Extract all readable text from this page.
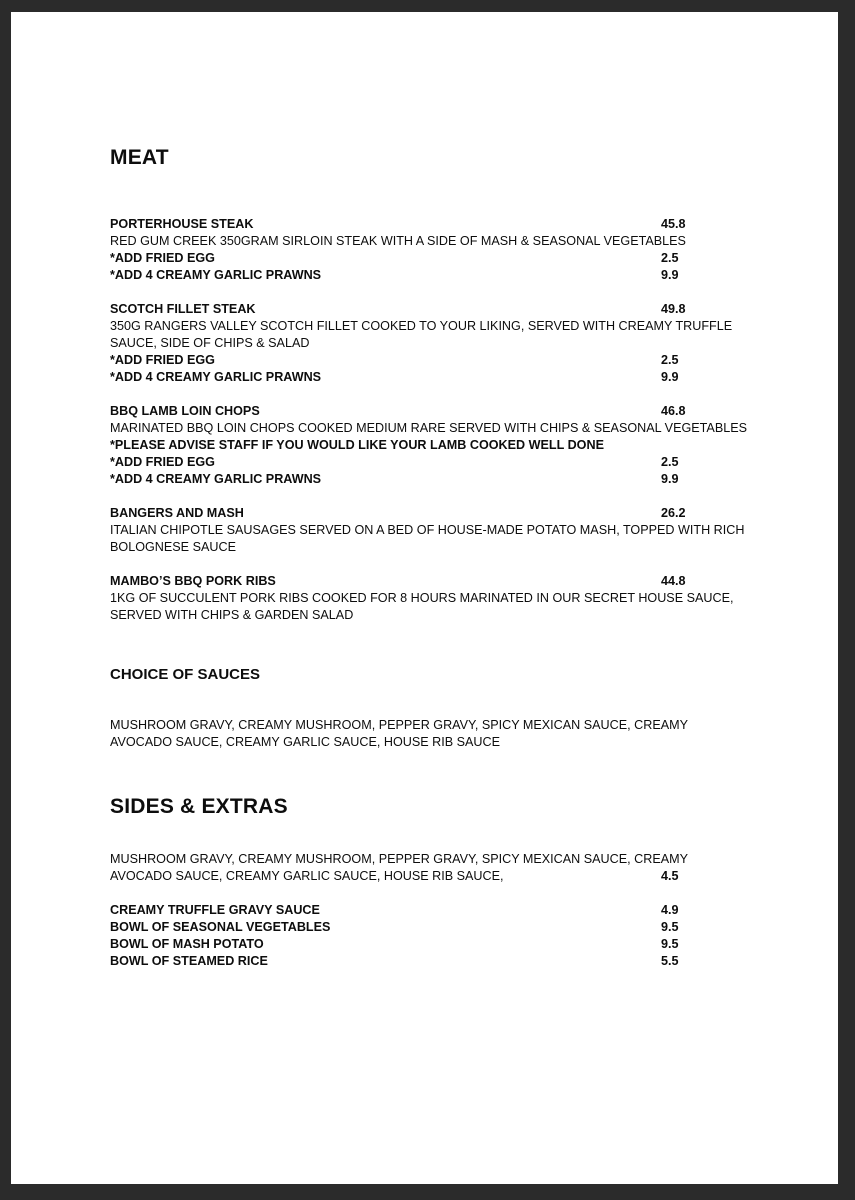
MEAT
PORTERHOUSE STEAK	45.8
RED GUM CREEK 350GRAM SIRLOIN STEAK WITH A SIDE OF MASH & SEASONAL VEGETABLES
*ADD FRIED EGG	2.5
*ADD 4 CREAMY GARLIC PRAWNS	9.9
SCOTCH FILLET STEAK	49.8
350G RANGERS VALLEY SCOTCH FILLET COOKED TO YOUR LIKING, SERVED WITH CREAMY TRUFFLE
SAUCE, SIDE OF CHIPS & SALAD
*ADD FRIED EGG	2.5
*ADD 4 CREAMY GARLIC PRAWNS	9.9
BBQ LAMB LOIN CHOPS	46.8
MARINATED BBQ LOIN CHOPS COOKED MEDIUM RARE SERVED WITH CHIPS & SEASONAL VEGETABLES
*PLEASE ADVISE STAFF IF YOU WOULD LIKE YOUR LAMB COOKED WELL DONE
*ADD FRIED EGG	2.5
*ADD 4 CREAMY GARLIC PRAWNS	9.9
BANGERS AND MASH	26.2
ITALIAN CHIPOTLE SAUSAGES SERVED ON A BED OF HOUSE-MADE POTATO MASH, TOPPED WITH RICH
BOLOGNESE SAUCE
MAMBO’S BBQ PORK RIBS	44.8
1KG OF SUCCULENT PORK RIBS COOKED FOR 8 HOURS MARINATED IN OUR SECRET HOUSE SAUCE,
SERVED WITH CHIPS & GARDEN SALAD
CHOICE OF SAUCES
MUSHROOM GRAVY, CREAMY MUSHROOM, PEPPER GRAVY, SPICY MEXICAN SAUCE, CREAMY
AVOCADO SAUCE, CREAMY GARLIC SAUCE, HOUSE RIB SAUCE
SIDES & EXTRAS
MUSHROOM GRAVY, CREAMY MUSHROOM, PEPPER GRAVY, SPICY MEXICAN SAUCE, CREAMY
AVOCADO SAUCE, CREAMY GARLIC SAUCE, HOUSE RIB SAUCE,	4.5
CREAMY TRUFFLE GRAVY SAUCE	4.9
BOWL OF SEASONAL VEGETABLES	9.5
BOWL OF MASH POTATO	9.5
BOWL OF STEAMED RICE	5.5
